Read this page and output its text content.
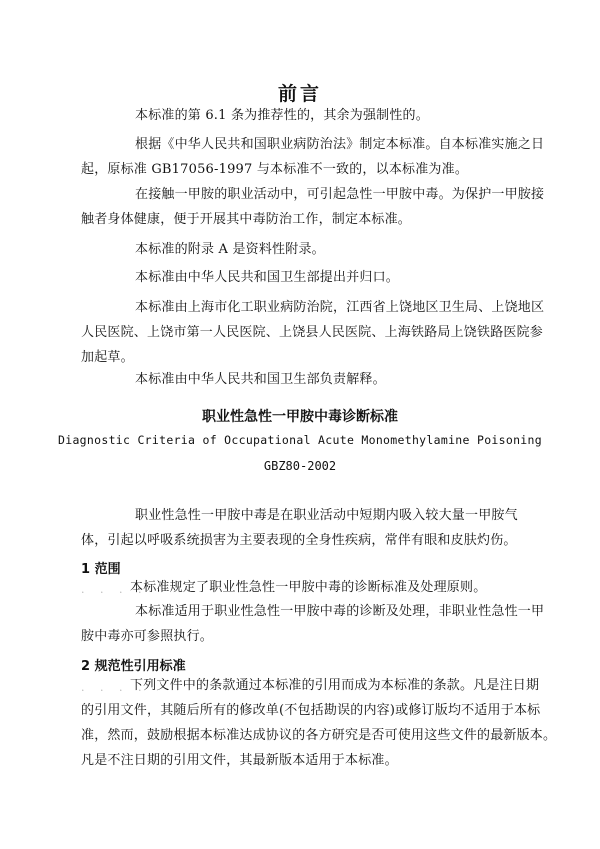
前言
本标准的第 6.1 条为推荐性的，其余为强制性的。
根据《中华人民共和国职业病防治法》制定本标准。自本标准实施之日
起，原标准 GB17056-1997 与本标准不一致的，以本标准为准。
在接触一甲胺的职业活动中，可引起急性一甲胺中毒。为保护一甲胺接
触者身体健康，便于开展其中毒防治工作，制定本标准。
本标准的附录 A 是资料性附录。
本标准由中华人民共和国卫生部提出并归口。
本标准由上海市化工职业病防治院，江西省上饶地区卫生局、上饶地区
人民医院、上饶市第一人民医院、上饶县人民医院、上海铁路局上饶铁路医院参
加起草。
职业性急性一甲胺中毒诊断标准
Diagnostic Criteria of Occupational Acute Monomethylamine Poisoning
GBZ80-2002
职业性急性一甲胺中毒是在职业活动中短期内吸入较大量一甲胺气
体，引起以呼吸系统损害为主要表现的全身性疾病，常伴有眼和皮肤灼伤。
1 范围
. . . .
本标准规定了职业性急性一甲胺中毒的诊断标准及处理原则。
本标准适用于职业性急性一甲胺中毒的诊断及处理，非职业性急性一甲
胺中毒亦可参照执行。
2 规范性引用标准
. . . .
下列文件中的条款通过本标准的引用而成为本标准的条款。凡是注日期
的引用文件，其随后所有的修改单(不包括勘误的内容)或修订版均不适用于本标
准，然而，鼓励根据本标准达成协议的各方研究是否可使用这些文件的最新版本。
凡是不注日期的引用文件，其最新版本适用于本标准。
本标准由中华人民共和国卫生部负责解释。
